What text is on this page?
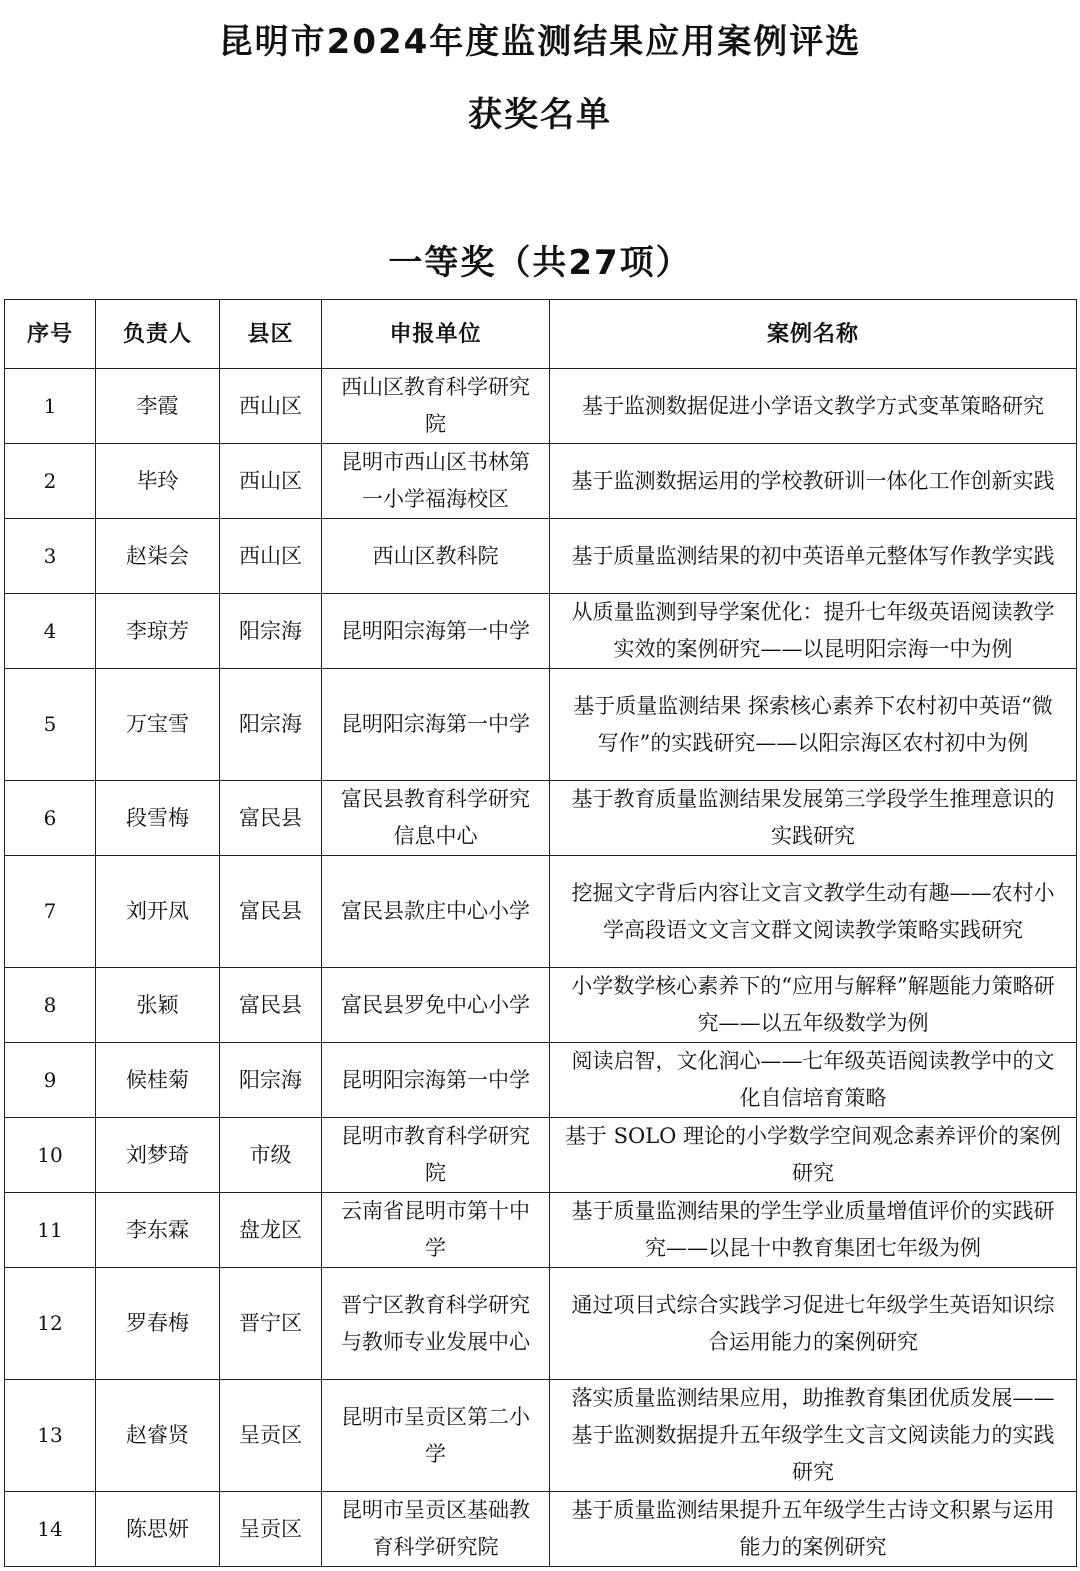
昆明市2024年度监测结果应用案例评选
获奖名单
一等奖（共27项）
序号	负责人	县区	申报单位	案例名称
1	李霞	西山区	西山区教育科学研究院	基于监测数据促进小学语文教学方式变革策略研究
2	毕玲	西山区	昆明市西山区书林第一小学福海校区	基于监测数据运用的学校教研训一体化工作创新实践
3	赵柒会	西山区	西山区教科院	基于质量监测结果的初中英语单元整体写作教学实践
4	李琼芳	阳宗海	昆明阳宗海第一中学	从质量监测到导学案优化：提升七年级英语阅读教学实效的案例研究——以昆明阳宗海一中为例
5	万宝雪	阳宗海	昆明阳宗海第一中学	基于质量监测结果 探索核心素养下农村初中英语“微写作”的实践研究——以阳宗海区农村初中为例
6	段雪梅	富民县	富民县教育科学研究信息中心	基于教育质量监测结果发展第三学段学生推理意识的实践研究
7	刘开凤	富民县	富民县款庄中心小学	挖掘文字背后内容让文言文教学生动有趣——农村小学高段语文文言文群文阅读教学策略实践研究
8	张颖	富民县	富民县罗免中心小学	小学数学核心素养下的“应用与解释”解题能力策略研究——以五年级数学为例
9	候桂菊	阳宗海	昆明阳宗海第一中学	阅读启智，文化润心——七年级英语阅读教学中的文化自信培育策略
10	刘梦琦	市级	昆明市教育科学研究院	基于 SOLO 理论的小学数学空间观念素养评价的案例研究
11	李东霖	盘龙区	云南省昆明市第十中学	基于质量监测结果的学生学业质量增值评价的实践研究——以昆十中教育集团七年级为例
12	罗春梅	晋宁区	晋宁区教育科学研究与教师专业发展中心	通过项目式综合实践学习促进七年级学生英语知识综合运用能力的案例研究
13	赵睿贤	呈贡区	昆明市呈贡区第二小学	落实质量监测结果应用，助推教育集团优质发展——基于监测数据提升五年级学生文言文阅读能力的实践研究
14	陈思妍	呈贡区	昆明市呈贡区基础教育科学研究院	基于质量监测结果提升五年级学生古诗文积累与运用能力的案例研究
